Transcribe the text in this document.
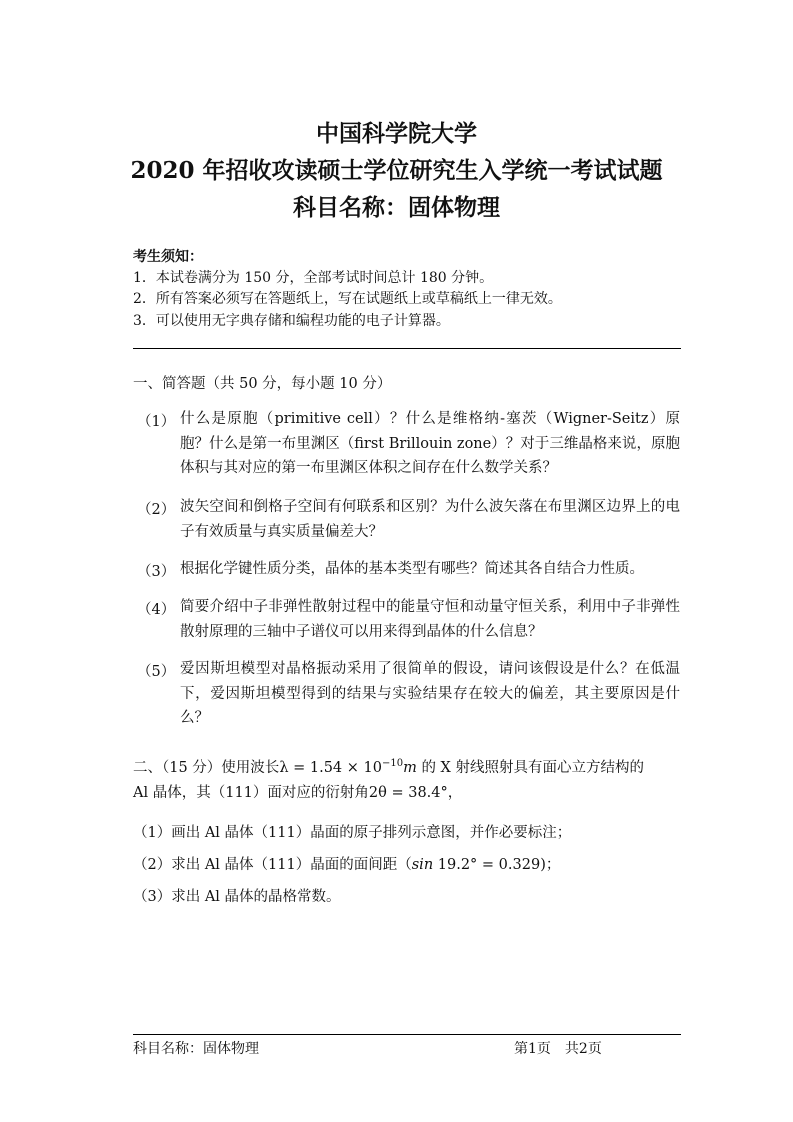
中国科学院大学
2020 年招收攻读硕士学位研究生入学统一考试试题
科目名称：固体物理
考生须知：
1．本试卷满分为 150 分，全部考试时间总计 180 分钟。
2．所有答案必须写在答题纸上，写在试题纸上或草稿纸上一律无效。
3．可以使用无字典存储和编程功能的电子计算器。
一、简答题（共 50 分，每小题 10 分）
（1） 什么是原胞（primitive cell）？什么是维格纳-塞茨（Wigner-Seitz）原胞？什么是第一布里渊区（first Brillouin zone）？对于三维晶格来说，原胞体积与其对应的第一布里渊区体积之间存在什么数学关系？
（2） 波矢空间和倒格子空间有何联系和区别？为什么波矢落在布里渊区边界上的电子有效质量与真实质量偏差大？
（3） 根据化学键性质分类，晶体的基本类型有哪些？简述其各自结合力性质。
（4） 简要介绍中子非弹性散射过程中的能量守恒和动量守恒关系，利用中子非弹性散射原理的三轴中子谱仪可以用来得到晶体的什么信息？
（5） 爱因斯坦模型对晶格振动采用了很简单的假设，请问该假设是什么？在低温下，爱因斯坦模型得到的结果与实验结果存在较大的偏差，其主要原因是什么？
二、（15 分）使用波长$\lambda = 1.54 \times 10^{-10}m$ 的 X 射线照射具有面心立方结构的
Al 晶体，其（111）面对应的衍射角2θ = 38.4°，
（1）画出 Al 晶体（111）晶面的原子排列示意图，并作必要标注；
（2）求出 Al 晶体（111）晶面的面间距（sin 19.2° = 0.329)；
（3）求出 Al 晶体的晶格常数。
科目名称：固体物理	第1页　共2页
